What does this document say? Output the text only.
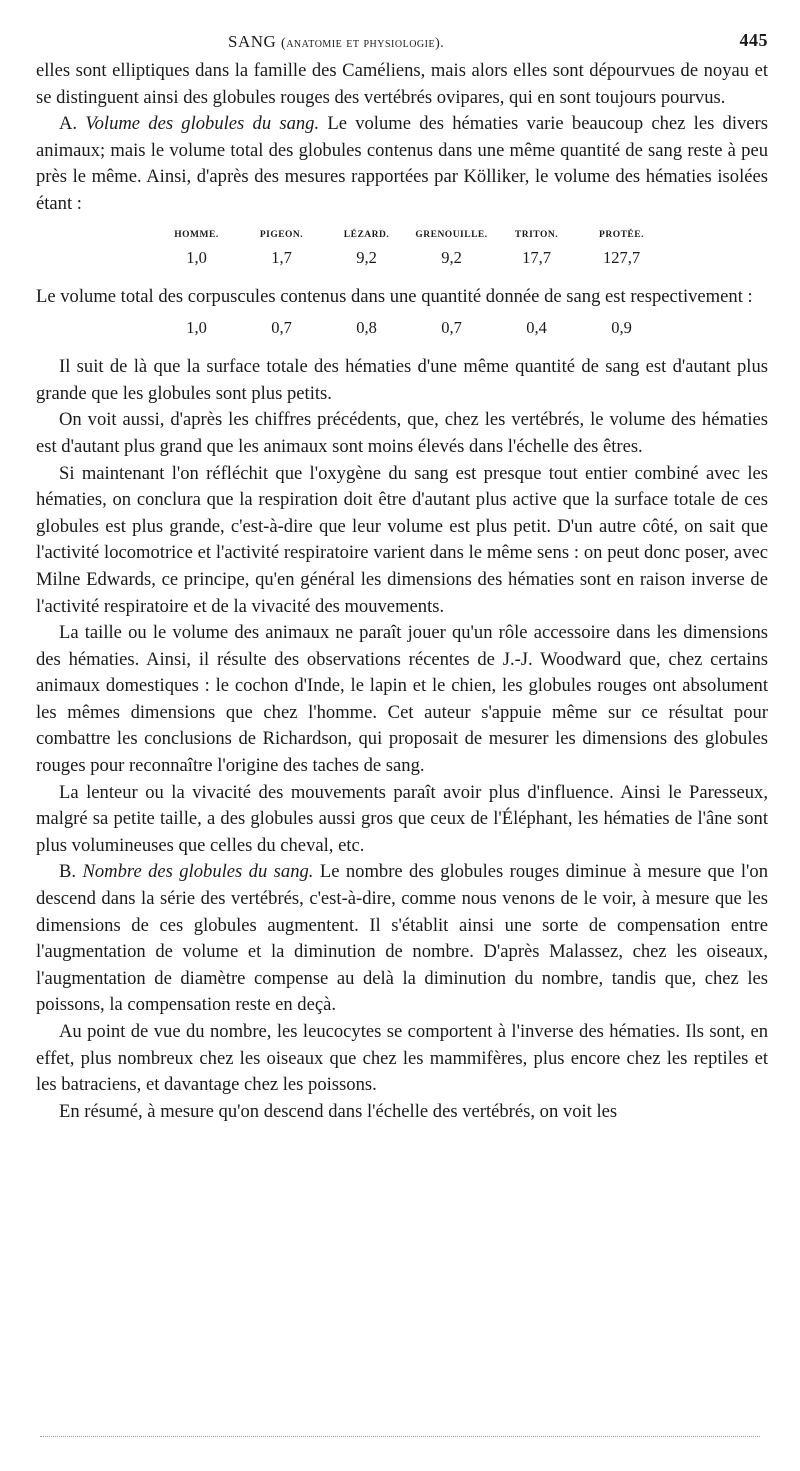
SANG (anatomie et physiologie).	445

elles sont elliptiques dans la famille des Caméliens, mais alors elles sont dépourvues de noyau et se distinguent ainsi des globules rouges des vertébrés ovipares, qui en sont toujours pourvus.

A. Volume des globules du sang. Le volume des hématies varie beaucoup chez les divers animaux; mais le volume total des globules contenus dans une même quantité de sang reste à peu près le même. Ainsi, d'après des mesures rapportées par Kölliker, le volume des hématies isolées étant :

HOMME.	PIGEON.	LÉZARD.	GRENOUILLE.	TRITON.	PROTÉE.
1,0	1,7	9,2	9,2	17,7	127,7

Le volume total des corpuscules contenus dans une quantité donnée de sang est respectivement :

1,0	0,7	0,8	0,7	0,4	0,9

Il suit de là que la surface totale des hématies d'une même quantité de sang est d'autant plus grande que les globules sont plus petits.

On voit aussi, d'après les chiffres précédents, que, chez les vertébrés, le volume des hématies est d'autant plus grand que les animaux sont moins élevés dans l'échelle des êtres.

Si maintenant l'on réfléchit que l'oxygène du sang est presque tout entier combiné avec les hématies, on conclura que la respiration doit être d'autant plus active que la surface totale de ces globules est plus grande, c'est-à-dire que leur volume est plus petit. D'un autre côté, on sait que l'activité locomotrice et l'activité respiratoire varient dans le même sens : on peut donc poser, avec Milne Edwards, ce principe, qu'en général les dimensions des hématies sont en raison inverse de l'activité respiratoire et de la vivacité des mouvements.

La taille ou le volume des animaux ne paraît jouer qu'un rôle accessoire dans les dimensions des hématies. Ainsi, il résulte des observations récentes de J.-J. Woodward que, chez certains animaux domestiques : le cochon d'Inde, le lapin et le chien, les globules rouges ont absolument les mêmes dimensions que chez l'homme. Cet auteur s'appuie même sur ce résultat pour combattre les conclusions de Richardson, qui proposait de mesurer les dimensions des globules rouges pour reconnaître l'origine des taches de sang.

La lenteur ou la vivacité des mouvements paraît avoir plus d'influence. Ainsi le Paresseux, malgré sa petite taille, a des globules aussi gros que ceux de l'Éléphant, les hématies de l'âne sont plus volumineuses que celles du cheval, etc.

B. Nombre des globules du sang. Le nombre des globules rouges diminue à mesure que l'on descend dans la série des vertébrés, c'est-à-dire, comme nous venons de le voir, à mesure que les dimensions de ces globules augmentent. Il s'établit ainsi une sorte de compensation entre l'augmentation de volume et la diminution de nombre. D'après Malassez, chez les oiseaux, l'augmentation de diamètre compense au delà la diminution du nombre, tandis que, chez les poissons, la compensation reste en deçà.

Au point de vue du nombre, les leucocytes se comportent à l'inverse des hématies. Ils sont, en effet, plus nombreux chez les oiseaux que chez les mammifères, plus encore chez les reptiles et les batraciens, et davantage chez les poissons.

En résumé, à mesure qu'on descend dans l'échelle des vertébrés, on voit les
